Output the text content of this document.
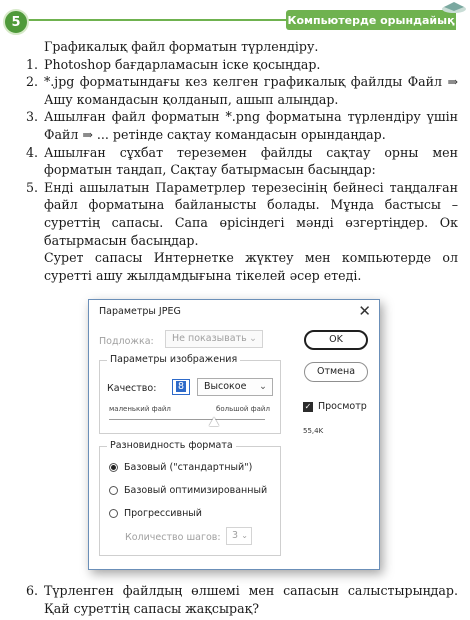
5	Компьютерде орындайық

Графикалық файл форматын түрлендіру.

1. Photoshop бағдарламасын іске қосыңдар.
2. *.jpg форматындағы кез келген графикалық файлды Файл ⇒ Ашу командасын қолданып, ашып алыңдар.
3. Ашылған файл форматын *.png форматына түрлендіру үшін Файл ⇒ ... ретінде сақтау командасын орындаңдар.
4. Ашылған сұхбат тереземен файлды сақтау орны мен форматын таңдап, Сақтау батырмасын басыңдар:
5. Енді ашылатын Параметрлер терезесінің бейнесі таңдалған файл форматына байланысты болады. Мұнда бастысы – суреттің сапасы. Сапа өрісіндегі мәнді өзгертіңдер. Ок батырмасын басыңдар.

Сурет сапасы Интернетке жүктеу мен компьютерде ол суретті ашу жылдамдығына тікелей әсер етеді.

Параметры JPEG	✕
Подложка:	Не показывать ⌄
Параметры изображения
Качество:	8	Высокое ⌄
маленький файл	большой файл
Разновидность формата
Базовый ("стандартный")
Базовый оптимизированный
Прогрессивный
Количество шагов:	3 ⌄
OK
Отмена
✓ Просмотр
55,4K
6. Түрленген файлдың өлшемі мен сапасын салыстырыңдар. Қай суреттің сапасы жақсырақ?
